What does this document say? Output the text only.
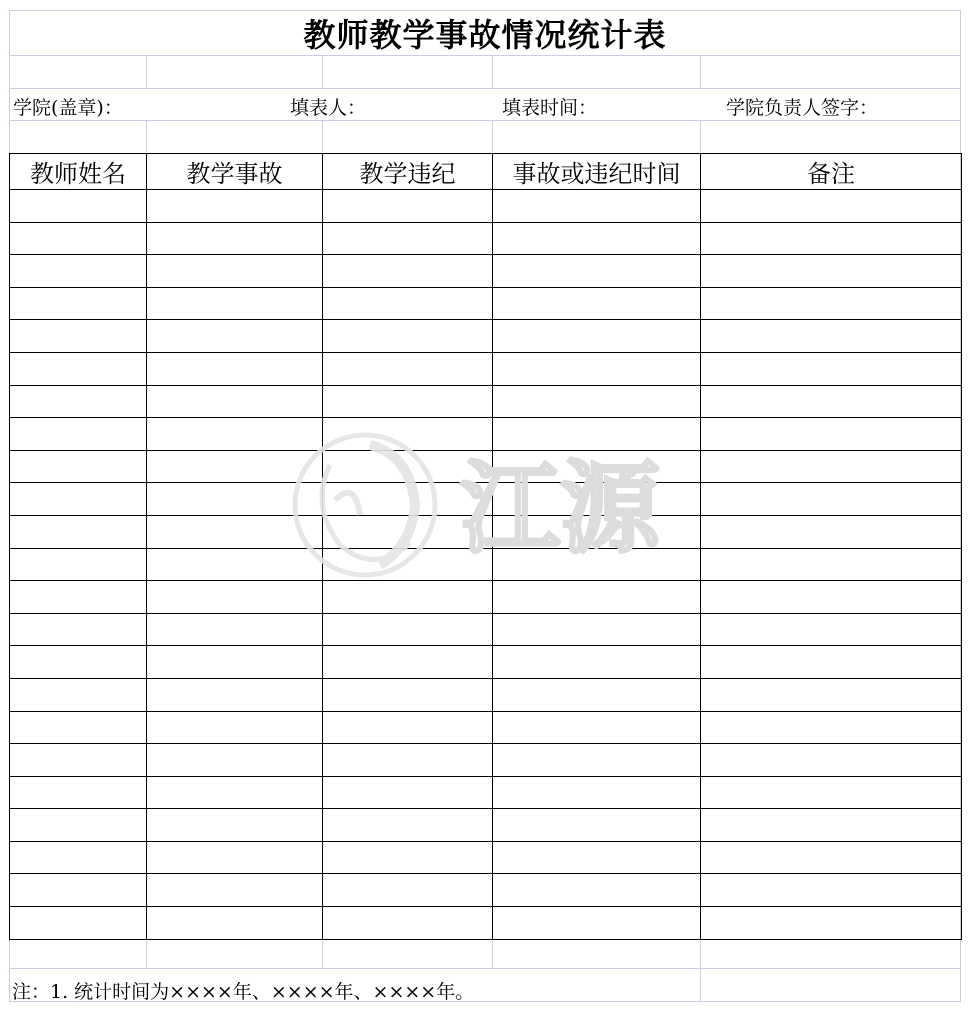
教师教学事故情况统计表
学院(盖章)：	填表人：	填表时间：	学院负责人签字：
教师姓名	教学事故	教学违纪	事故或违纪时间	备注

注：1. 统计时间为××××年、××××年、××××年。
江源
